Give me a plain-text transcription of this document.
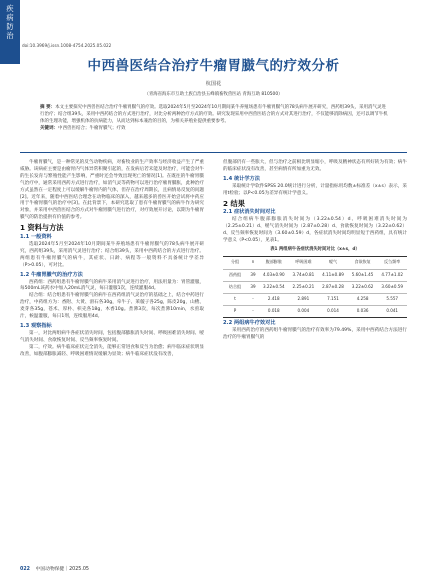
疾
病
防
治
doi:10.3969/j.issn.1008-4754.2025.05.022
中西兽医结合治疗牛瘤胃臌气的疗效分析
杭国花
（青海省海东市互助土族自治县五峰镇畜牧兽医站 青海互助 810500）
摘 要：本文主要探究中西兽医结合治疗牛瘤胃臌气的疗效。选取2024年5月至2024年10月期间某牛养殖场患有牛瘤胃臌气的78头病牛展开研究，西药组39头，采用消气灵进行治疗；结合组39头，采用中西药结合的方式进行治疗，对比分析两种治疗方式的疗效。研究发现采用中西兽医结合的方式对其进行治疗，不仅能够消除病因，还可以调节牛机体的生理功能，增强机体的抗病能力，从而达到标本兼治的目的，为相关养殖业提供重要参考。
关键词：中西兽医结合；牛瘤胃臌气；疗效

牛瘤胃臌气，是一种常见的反刍动物疾病，对畜牧业的生产效率与经济收益产生了严重威胁。该病症主要是由瘤胃内气体异常积聚引起的，在发病后若未能及时治疗，可能会对牛的生长发育与繁殖性能产生影响，严重时还会导致出现死亡的情况[1]。在既往的牛瘤胃臌气治疗中，通常采用西药方式进行治疗，如消气灵等药物可以进行治疗瘤胃臌胀，此种治疗方式虽然在一定程度上可以缓解牛瘤胃内的气体，但存在治疗周期长，且病情易反复的问题[2]。近年来，随着中西医结合理念在动物临床的深入，越来越多的兽医开始尝试将中药应用于牛瘤胃臌气的治疗中[3]。在此背景下，本研究选取了患有牛瘤胃臌气的病牛作为研究对象，并采用中西兽医结合的方式对牛瘤胃臌气进行治疗，对疗效展开讨论，以期为牛瘤胃臌气的防治提供有价值的参考。

1 资料与方法
1.1 一般资料

选取2024年5月至2024年10月期间某牛养殖场患有牛瘤胃臌气的78头病牛展开研究，西药组39头，采用消气灵进行治疗；结合组39头，采用中西药结合的方式进行治疗。两组患有牛瘤胃臌气的病牛，其症状、日龄、病程等一般资料不具备统计学差异（P>0.05），可对比。

1.2 牛瘤胃臌气的治疗方法

西药组：西药组患有牛瘤胃臌气的病牛采用消气灵进行治疗，用法用量为：胃管灌服，每500mL该药水中加入20mL消气灵，每日灌服1次，连续灌服4d。

结合组：结合组患有牛瘤胃臌气的病牛在西药组消气灵治疗的基础之上，结合中药进行治疗，中药组方为：香附、大黄、滑石各30g，牵牛子、莱菔子各25g，陈皮20g，山楂、麦芽各35g，苍术、厚朴、枳壳各18g，木香10g。煮沸3次，每次煮沸10min，水煎取汁，候温灌服，每日1剂，连续服用4d。

1.3 观察指标

第一，对比两组病牛各症状消失时间，包括腹部膨胀消失时间、呼吸困难消失时间、嗳气消失时间、食欲恢复时间、反刍频率恢复时间。

第二，疗效。病牛临床症状完全消失，能够正常进食和反刍为治愈；病牛临床症状明显改善，如腹部膨胀减轻、呼吸困难情况缓解为显效；病牛临床症状没有改善，

但腹部仍有一些胀大，但与治疗之前相比明显缩小，呼吸及精神状态有所好转为有效；病牛的临床症状没有改善，甚至病情有所加重为无效。

1.4 统计学方法

采取统计学软件SPSS 20.0统计进行分析，计量指标用均数±标准差（x±s）表示，采用t检验；以P<0.05为差异有统计学意义。

2 结果
2.1 症状消失时间对比

结合组病牛腹部膨胀消失时间为（3.22±0.54）d、呼吸困难消失时间为（2.25±0.21）d、嗳气消失时间为（2.87±0.28）d、食欲恢复时间为（3.22±0.62）d、反刍频率恢复时间为（3.60±0.59）d，各症状消失时间均明显短于西药组，具有统计学意义（P<0.05），见表1。

表1 两组病牛各症状消失时间对比（x±s，d）
分组	n	腹部膨胀	呼吸困难	嗳气	食欲恢复	反刍频率
西药组	39	4.03±0.90	3.74±0.81	4.11±0.89	5.60±1.45	4.77±1.02
结合组	39	3.22±0.54	2.25±0.21	2.87±0.28	3.22±0.62	3.60±0.59
t	-	2.418	2.891	7.151	4.258	5.557
P	-	0.018	0.004	0.014	0.036	0.041
2.2 两组病牛疗效对比

采用西药治疗的西药组牛瘤胃臌气的治疗有效率为79.49%，采用中西药结合方法进行治疗的牛瘤胃臌气的

022 中国动物保健｜2025.05
